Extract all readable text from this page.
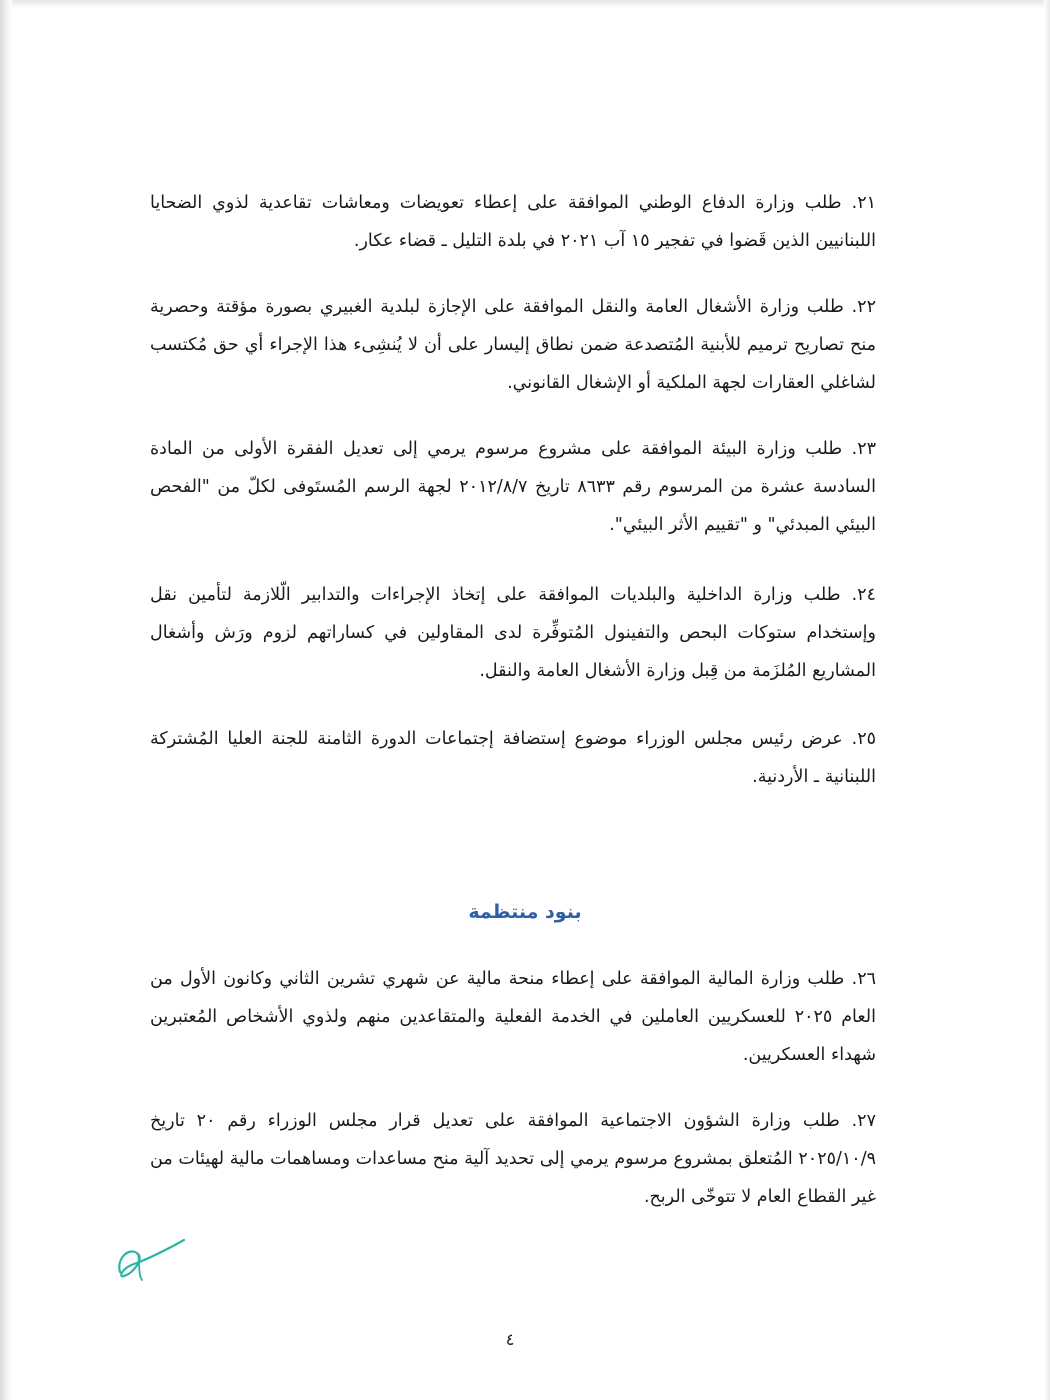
٢١. طلب وزارة الدفاع الوطني الموافقة على إعطاء تعويضات ومعاشات تقاعدية لذوي الضحايا اللبنانيين الذين قَضوا في تفجير ١٥ آب ٢٠٢١ في بلدة التليل ـ قضاء عكار.

٢٢. طلب وزارة الأشغال العامة والنقل الموافقة على الإجازة لبلدية الغبيري بصورة مؤقتة وحصرية منح تصاريح ترميم للأبنية المُتصدعة ضمن نطاق إليسار على أن لا يُنشِىء هذا الإجراء أي حق مُكتسب لشاغلي العقارات لجهة الملكية أو الإشغال القانوني.

٢٣. طلب وزارة البيئة الموافقة على مشروع مرسوم يرمي إلى تعديل الفقرة الأولى من المادة السادسة عشرة من المرسوم رقم ٨٦٣٣ تاريخ ٢٠١٢/٨/٧ لجهة الرسم المُستَوفى لكلّ من "الفحص البيئي المبدئي" و "تقييم الأثر البيئي".

٢٤. طلب وزارة الداخلية والبلديات الموافقة على إتخاذ الإجراءات والتدابير الّلازمة لتأمين نقل وإستخدام ستوكات البحص والتفينول المُتوفِّرة لدى المقاولين في كساراتهم لزوم ورَش وأشغال المشاريع المُلزَمة من قِبل وزارة الأشغال العامة والنقل.

٢٥. عرض رئيس مجلس الوزراء موضوع إستضافة إجتماعات الدورة الثامنة للجنة العليا المُشتركة اللبنانية ـ الأردنية.

بنود منتظمة

٢٦. طلب وزارة المالية الموافقة على إعطاء منحة مالية عن شهري تشرين الثاني وكانون الأول من العام ٢٠٢٥ للعسكريين العاملين في الخدمة الفعلية والمتقاعدين منهم ولذوي الأشخاص المُعتبرين شهداء العسكريين.

٢٧. طلب وزارة الشؤون الاجتماعية الموافقة على تعديل قرار مجلس الوزراء رقم ٢٠ تاريخ ٢٠٢٥/١٠/٩ المُتعلق بمشروع مرسوم يرمي إلى تحديد آلية منح مساعدات ومساهمات مالية لهيئات من غير القطاع العام لا تتوخّى الربح.

٤
